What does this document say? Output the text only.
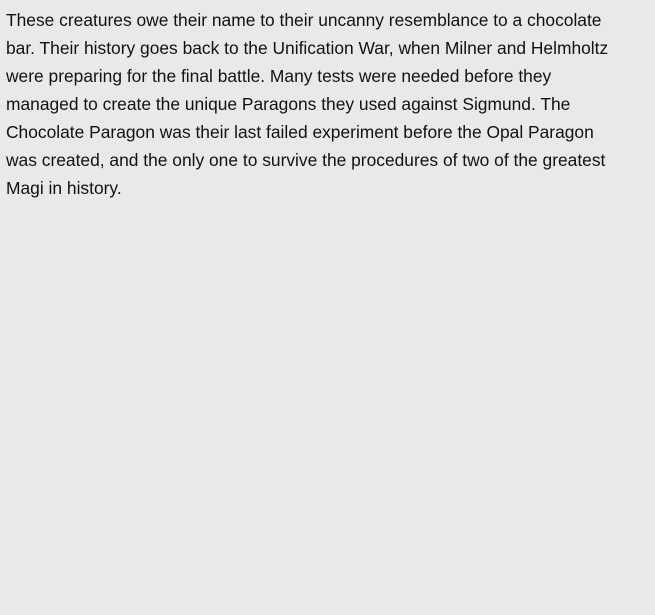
These creatures owe their name to their uncanny resemblance to a chocolate
bar. Their history goes back to the Unification War, when Milner and Helmholtz
were preparing for the final battle. Many tests were needed before they
managed to create the unique Paragons they used against Sigmund. The
Chocolate Paragon was their last failed experiment before the Opal Paragon
was created, and the only one to survive the procedures of two of the greatest
Magi in history.
